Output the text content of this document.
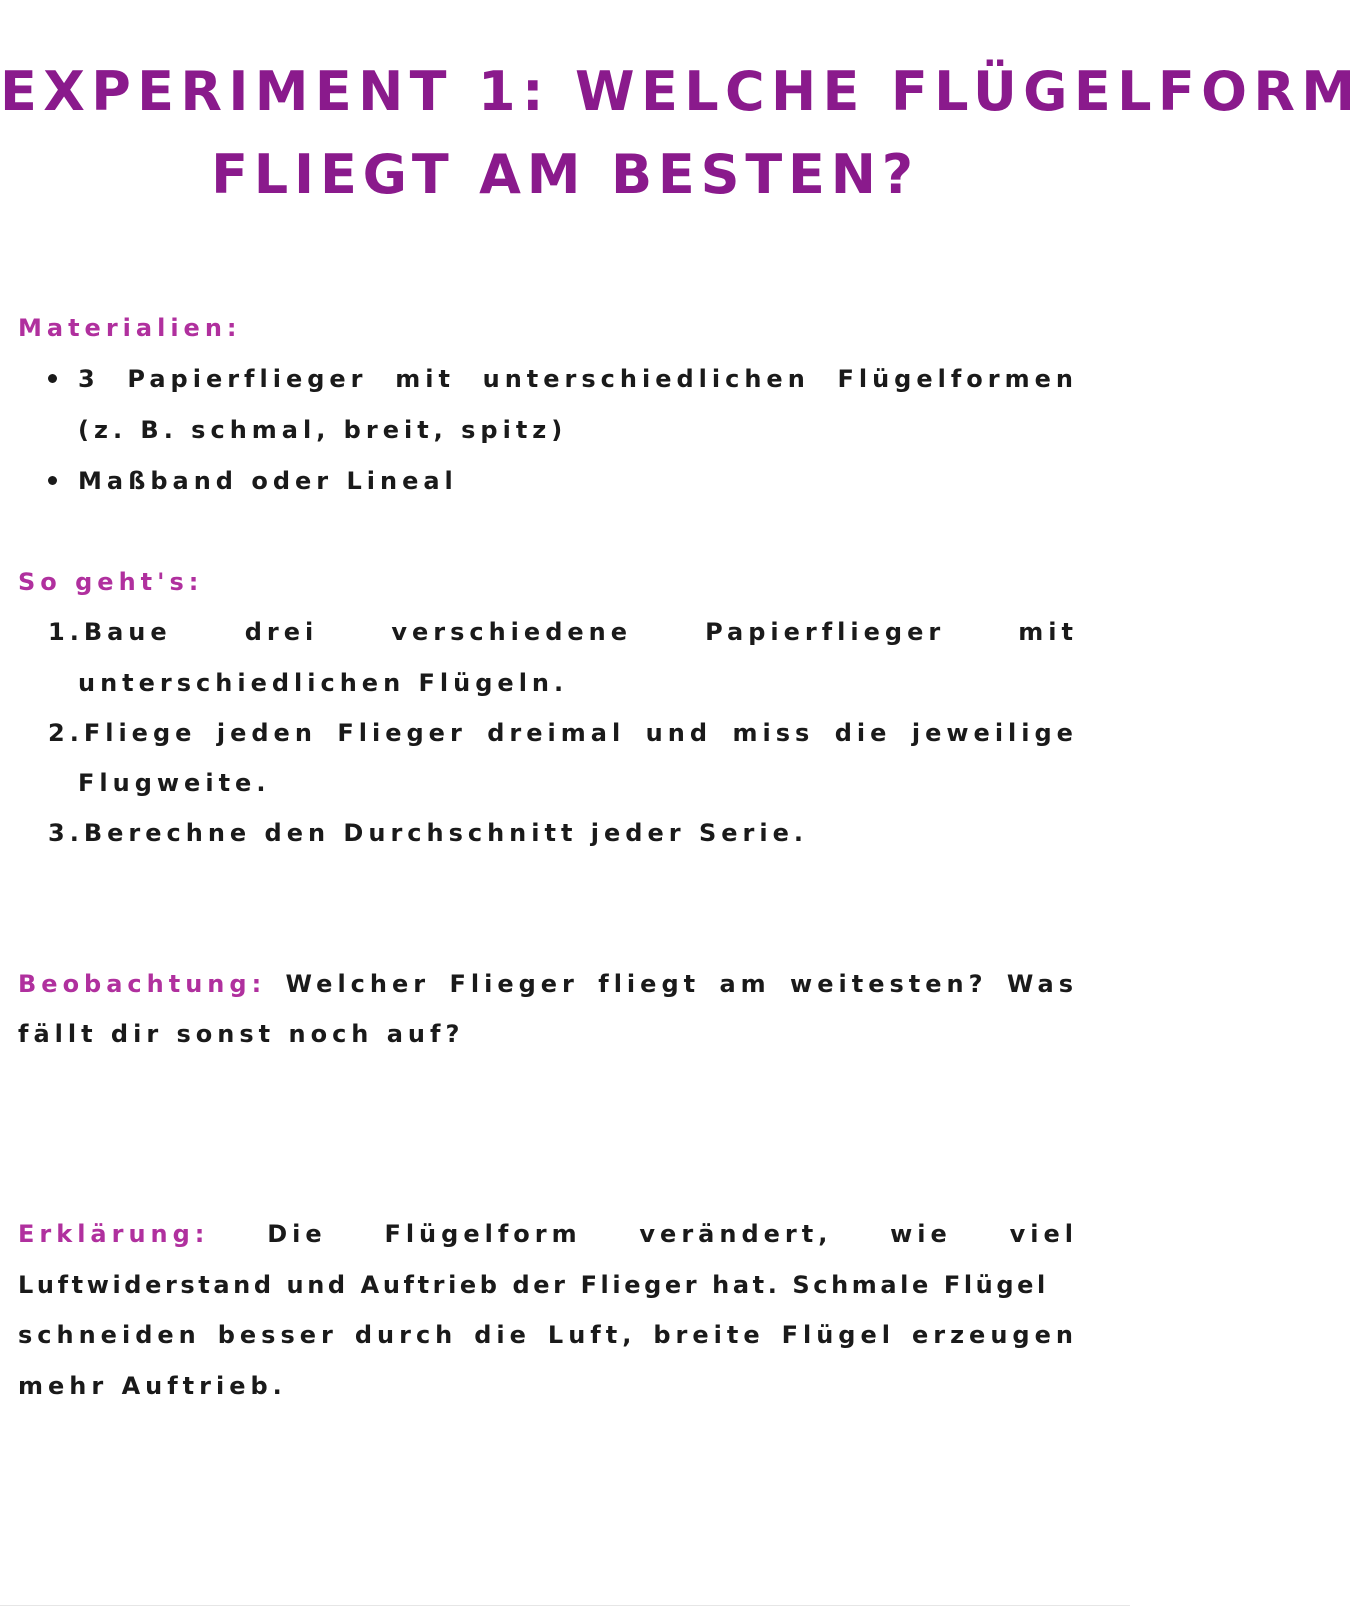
EXPERIMENT 1: WELCHE FLÜGELFORM
FLIEGT AM BESTEN?
Materialien:
3 Papierflieger mit unterschiedlichen Flügelformen
(z. B. schmal, breit, spitz)
Maßband oder Lineal
So geht's:
1.Baue	drei	verschiedene	Papierflieger	mit
unterschiedlichen Flügeln.
2.Fliege jeden Flieger dreimal und miss die jeweilige
Flugweite.
3.Berechne den Durchschnitt jeder Serie.
Beobachtung: Welcher Flieger fliegt am weitesten? Was
fällt dir sonst noch auf?
Erklärung: Die Flügelform verändert, wie viel
Luftwiderstand und Auftrieb der Flieger hat. Schmale Flügel
schneiden besser durch die Luft, breite Flügel erzeugen
mehr Auftrieb.
